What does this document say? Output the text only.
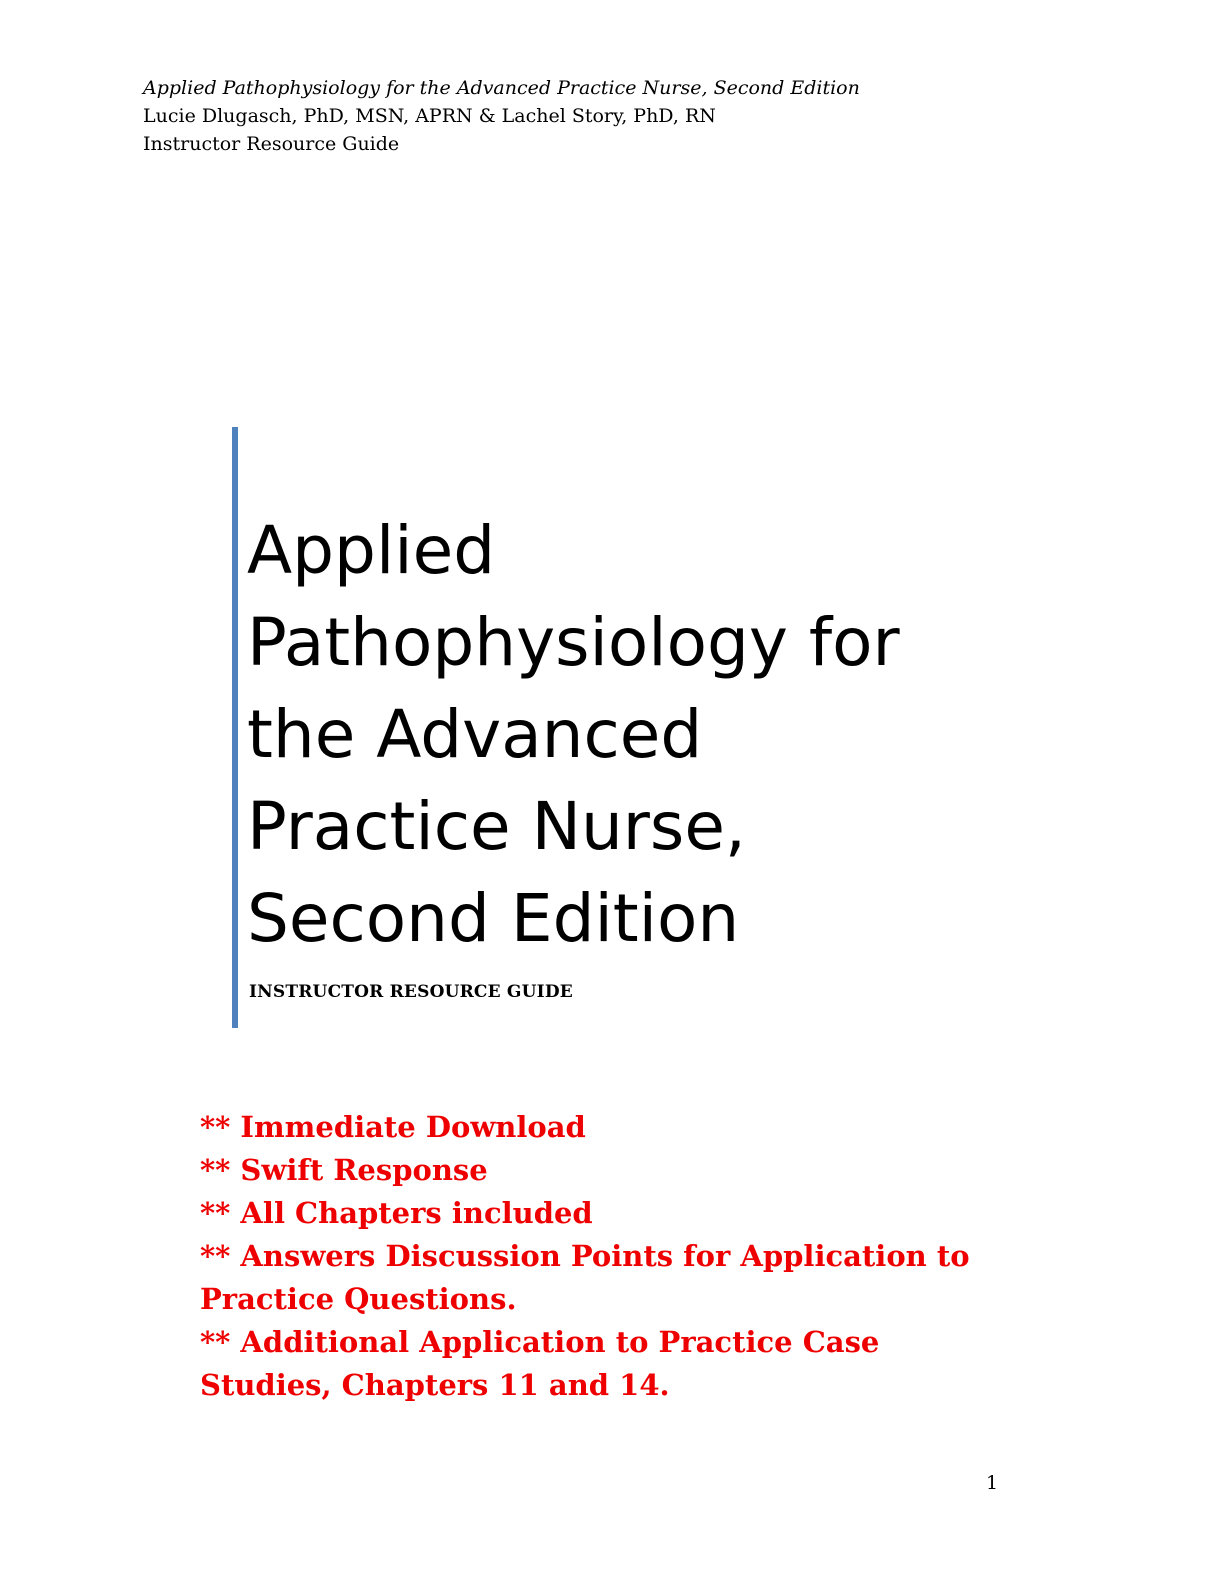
Applied Pathophysiology for the Advanced Practice Nurse, Second Edition
Lucie Dlugasch, PhD, MSN, APRN & Lachel Story, PhD, RN
Instructor Resource Guide
Applied
Pathophysiology for
the Advanced
Practice Nurse,
Second Edition
INSTRUCTOR RESOURCE GUIDE
** Immediate Download
** Swift Response
** All Chapters included
** Answers Discussion Points for Application to
Practice Questions.
** Additional Application to Practice Case
Studies, Chapters 11 and 14.
1
